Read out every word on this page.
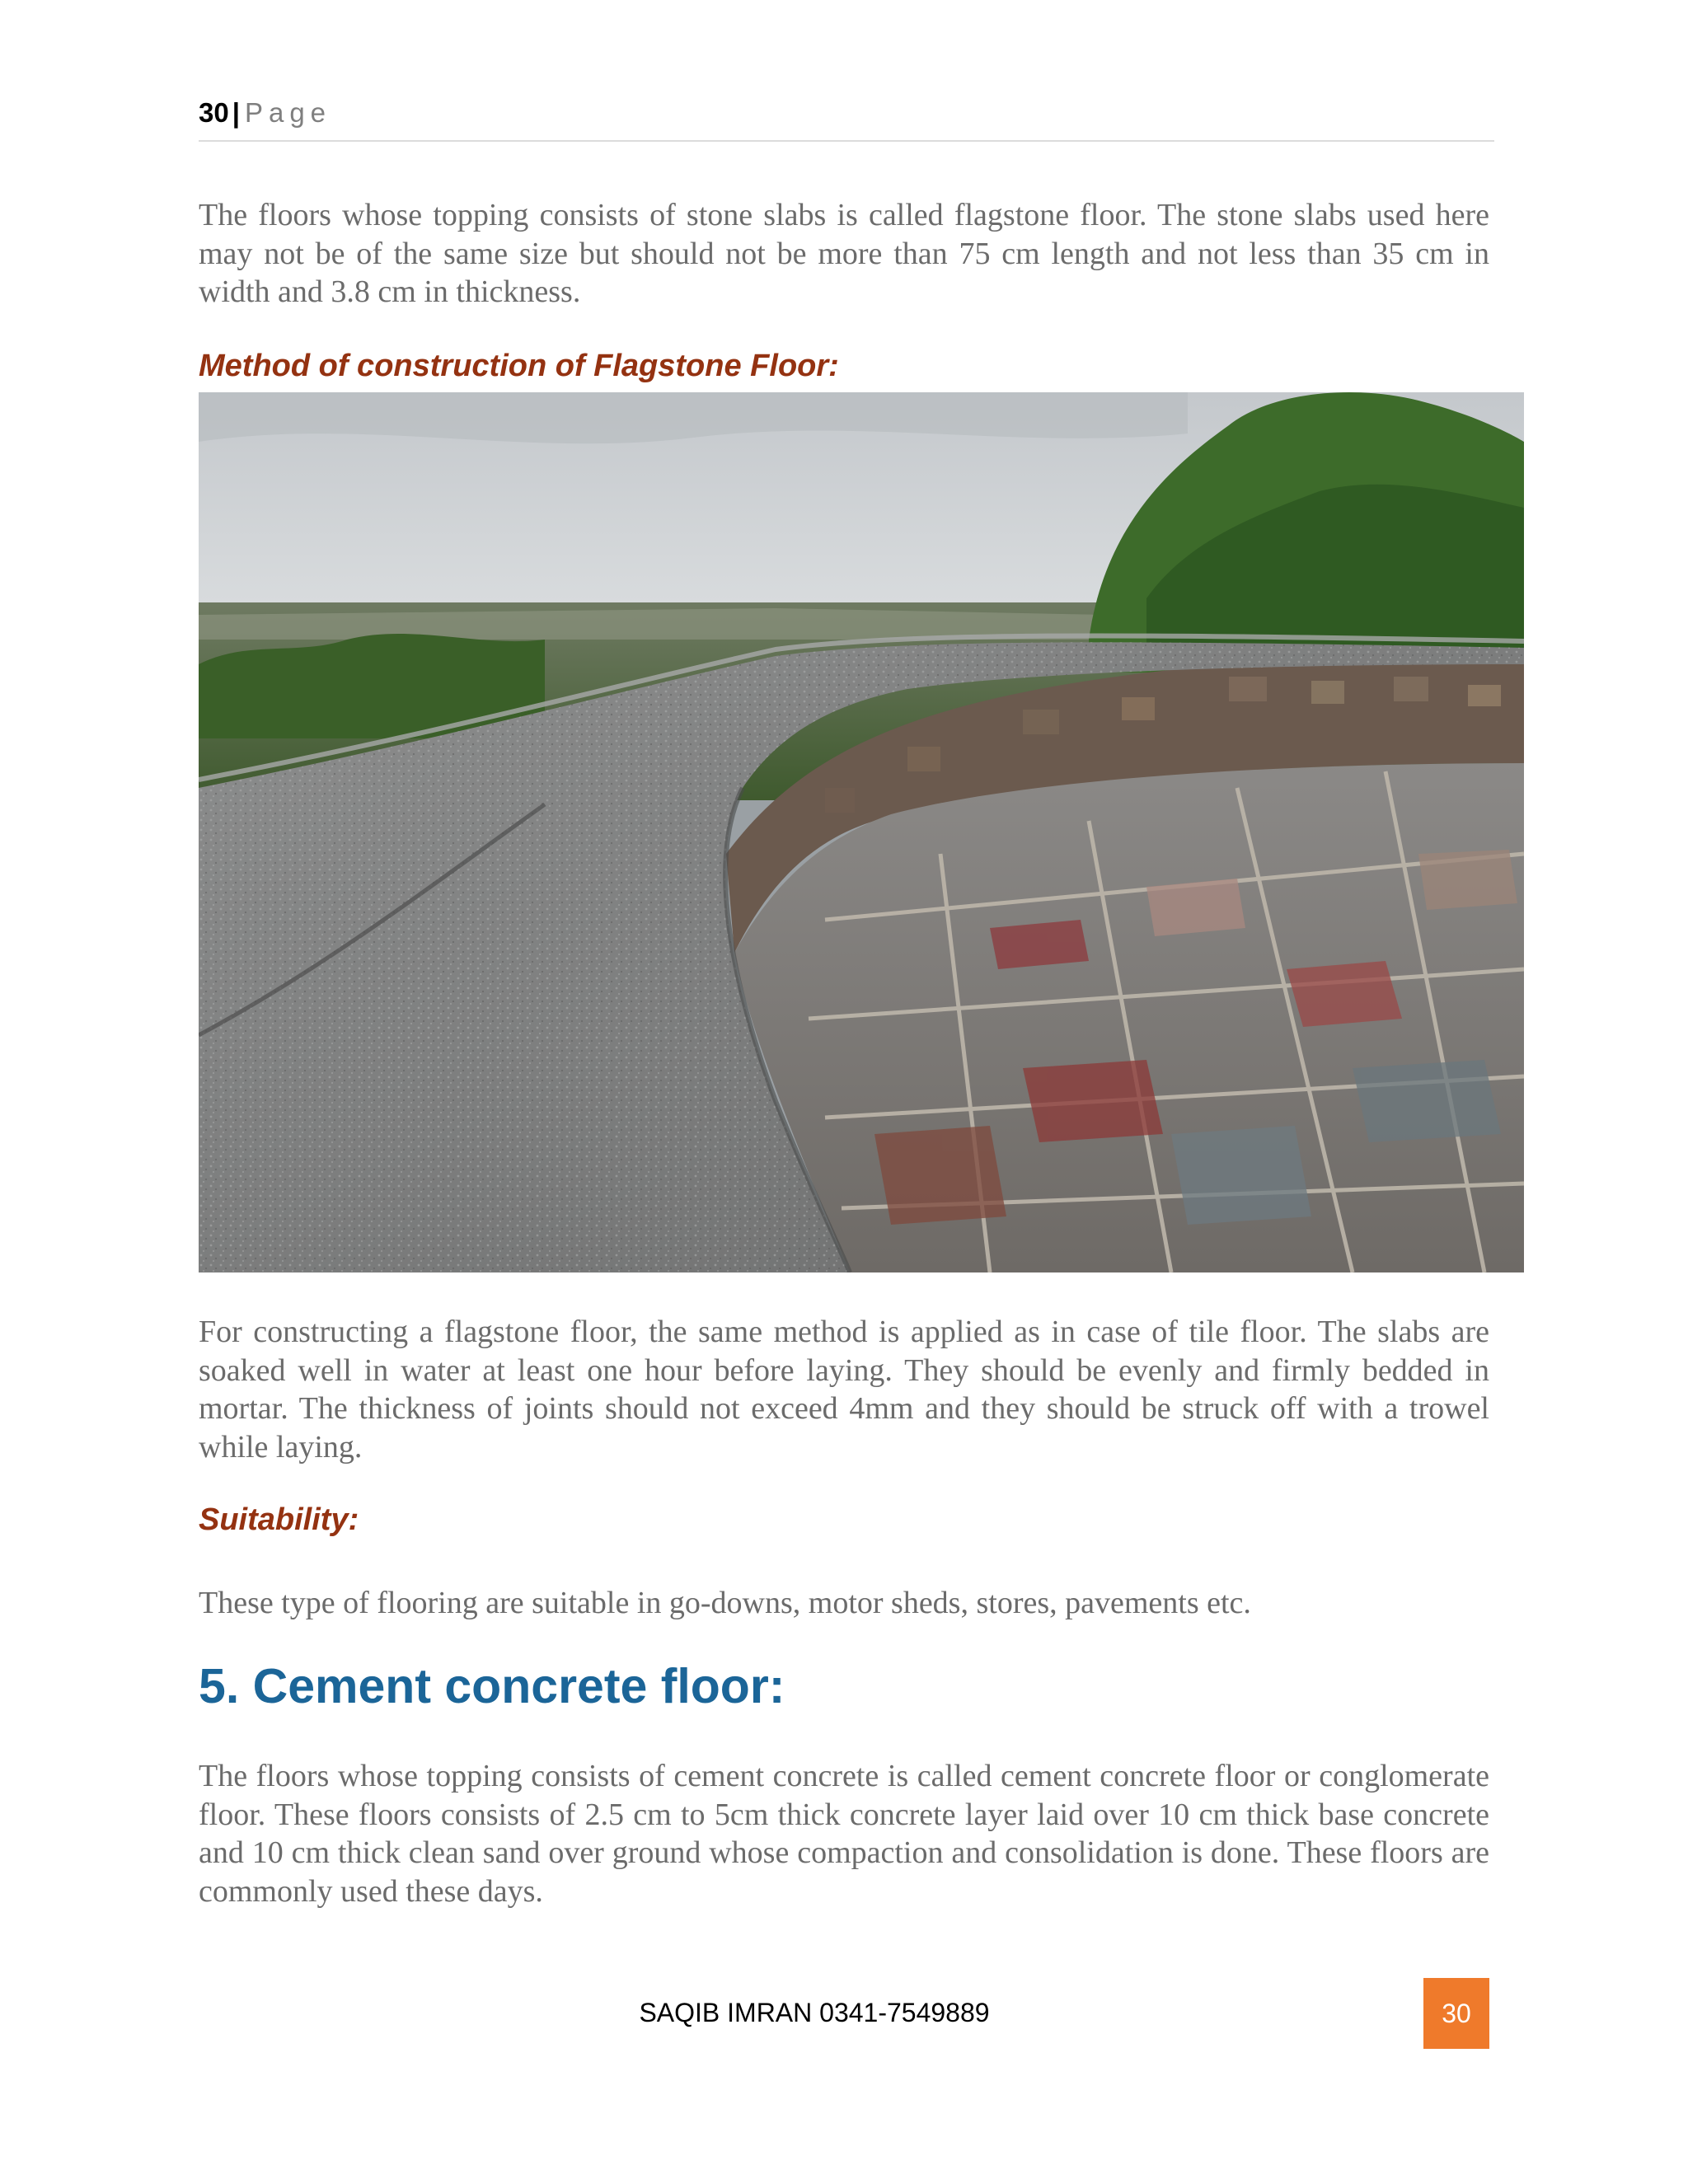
30 | Page

The floors whose topping consists of stone slabs is called flagstone floor. The stone slabs used here may not be of the same size but should not be more than 75 cm length and not less than 35 cm in width and 3.8 cm in thickness.

Method of construction of Flagstone Floor:

For constructing a flagstone floor, the same method is applied as in case of tile floor. The slabs are soaked well in water at least one hour before laying. They should be evenly and firmly bedded in mortar. The thickness of joints should not exceed 4mm and they should be struck off with a trowel while laying.

Suitability:

These type of flooring are suitable in go-downs, motor sheds, stores, pavements etc.

5. Cement concrete floor:

The floors whose topping consists of cement concrete is called cement concrete floor or conglomerate floor. These floors consists of 2.5 cm to 5cm thick concrete layer laid over 10 cm thick base concrete and 10 cm thick clean sand over ground whose compaction and consolidation is done. These floors are commonly used these days.

SAQIB IMRAN 0341-7549889	30
